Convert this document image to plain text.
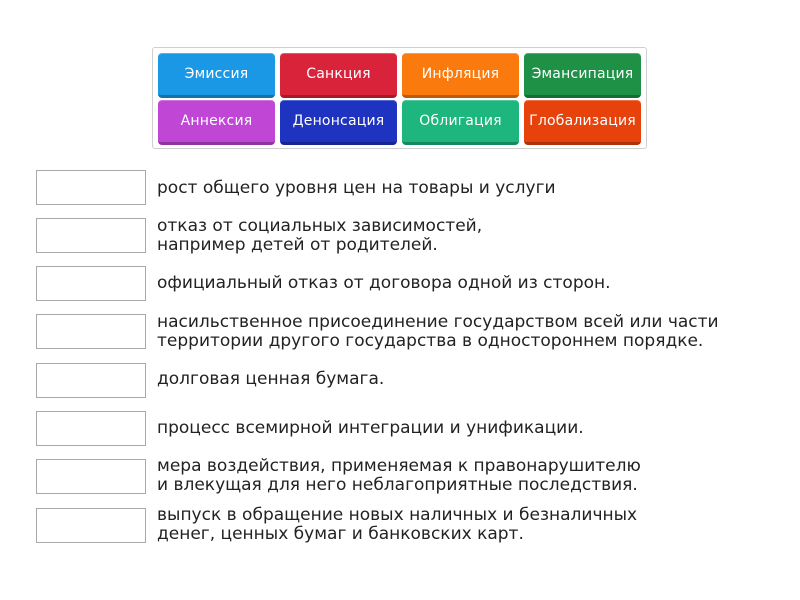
Эмиссия	Санкция	Инфляция	Эмансипация
Аннексия	Денонсация	Облигация	Глобализация
рост общего уровня цен на товары и услуги
отказ от социальных зависимостей,
например детей от родителей.
официальный отказ от договора одной из сторон.
насильственное присоединение государством всей или части
территории другого государства в одностороннем порядке.
долговая ценная бумага.
процесс всемирной интеграции и унификации.
мера воздействия, применяемая к правонарушителю
и влекущая для него неблагоприятные последствия.
выпуск в обращение новых наличных и безналичных
денег, ценных бумаг и банковских карт.
